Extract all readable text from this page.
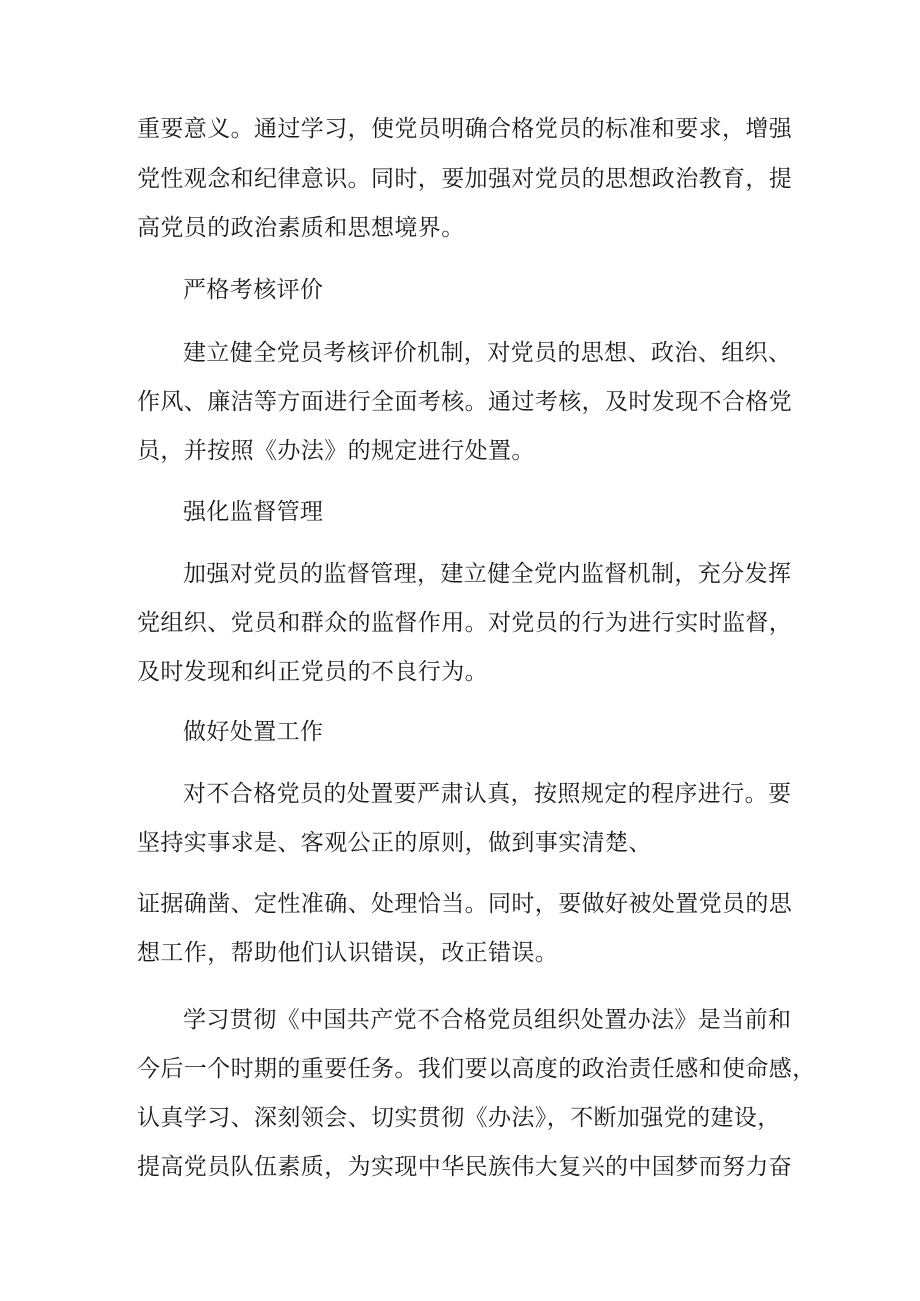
重要意义。通过学习，使党员明确合格党员的标准和要求，增强
党性观念和纪律意识。同时，要加强对党员的思想政治教育，提
高党员的政治素质和思想境界。
严格考核评价
建立健全党员考核评价机制，对党员的思想、政治、组织、
作风、廉洁等方面进行全面考核。通过考核，及时发现不合格党
员，并按照《办法》的规定进行处置。
强化监督管理
加强对党员的监督管理，建立健全党内监督机制，充分发挥
党组织、党员和群众的监督作用。对党员的行为进行实时监督，
及时发现和纠正党员的不良行为。
做好处置工作
对不合格党员的处置要严肃认真，按照规定的程序进行。要
坚持实事求是、客观公正的原则，做到事实清楚、
证据确凿、定性准确、处理恰当。同时，要做好被处置党员的思
想工作，帮助他们认识错误，改正错误。
学习贯彻《中国共产党不合格党员组织处置办法》是当前和
今后一个时期的重要任务。我们要以高度的政治责任感和使命感，
认真学习、深刻领会、切实贯彻《办法》，不断加强党的建设，
提高党员队伍素质，为实现中华民族伟大复兴的中国梦而努力奋
